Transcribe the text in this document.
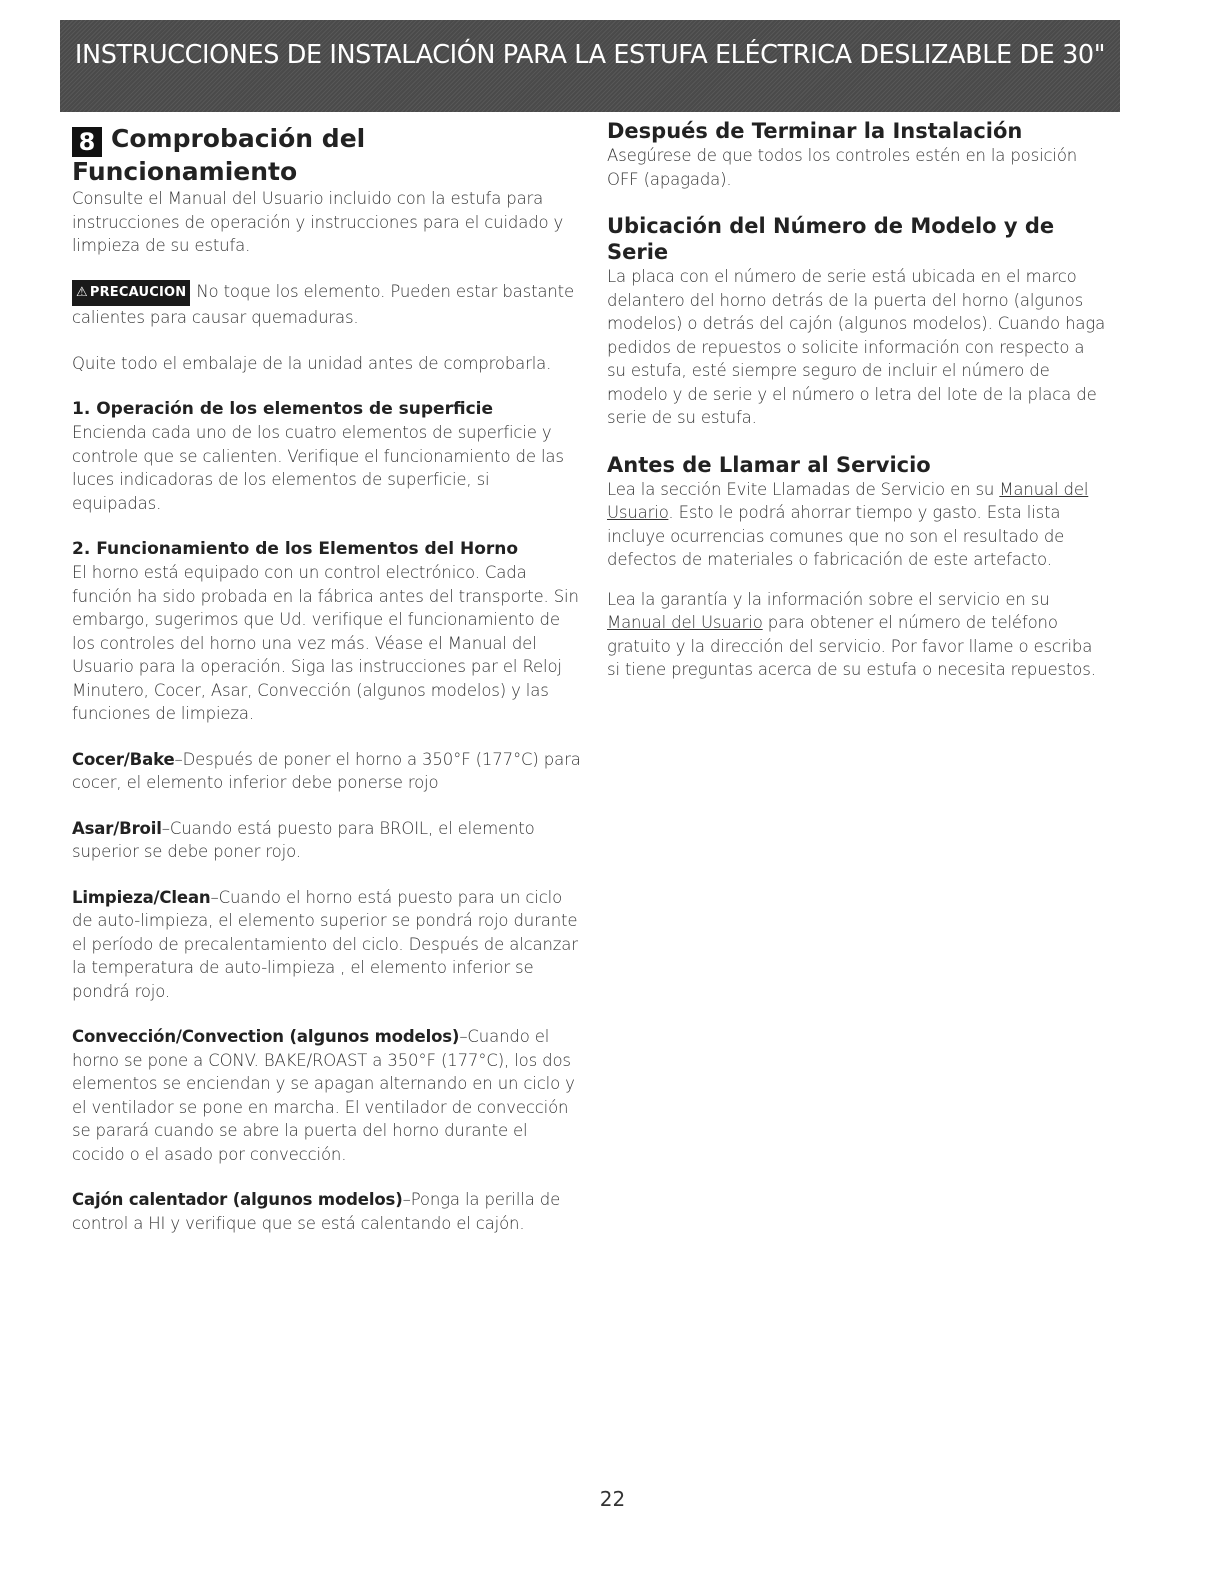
INSTRUCCIONES DE INSTALACIÓN PARA LA ESTUFA ELÉCTRICA DESLIZABLE DE 30"
8 Comprobación del
Funcionamiento

Consulte el Manual del Usuario incluido con la estufa para instrucciones de operación y instrucciones para el cuidado y limpieza de su estufa.

⚠ PRECAUCION No toque los elemento. Pueden estar bastante calientes para causar quemaduras.

Quite todo el embalaje de la unidad antes de comprobarla.

1. Operación de los elementos de superficie

Encienda cada uno de los cuatro elementos de superficie y controle que se calienten. Verifique el funcionamiento de las luces indicadoras de los elementos de superficie, si equipadas.

2. Funcionamiento de los Elementos del Horno

El horno está equipado con un control electrónico. Cada función ha sido probada en la fábrica antes del transporte. Sin embargo, sugerimos que Ud. verifique el funcionamiento de los controles del horno una vez más. Véase el Manual del Usuario para la operación. Siga las instrucciones par el Reloj Minutero, Cocer, Asar, Convección (algunos modelos) y las funciones de limpieza.

Cocer/Bake–Después de poner el horno a 350°F (177°C) para cocer, el elemento inferior debe ponerse rojo

Asar/Broil–Cuando está puesto para BROIL, el elemento superior se debe poner rojo.

Limpieza/Clean–Cuando el horno está puesto para un ciclo de auto-limpieza, el elemento superior se pondrá rojo durante el período de precalentamiento del ciclo. Después de alcanzar la temperatura de auto-limpieza , el elemento inferior se pondrá rojo.

Convección/Convection (algunos modelos)–Cuando el horno se pone a CONV. BAKE/ROAST a 350°F (177°C), los dos elementos se enciendan y se apagan alternando en un ciclo y el ventilador se pone en marcha. El ventilador de convección se parará cuando se abre la puerta del horno durante el cocido o el asado por convección.

Cajón calentador (algunos modelos)–Ponga la perilla de control a HI y verifique que se está calentando el cajón.

Después de Terminar la Instalación

Asegúrese de que todos los controles estén en la posición OFF (apagada).

Ubicación del Número de Modelo y de Serie

La placa con el número de serie está ubicada en el marco delantero del horno detrás de la puerta del horno (algunos modelos) o detrás del cajón (algunos modelos). Cuando haga pedidos de repuestos o solicite información con respecto a su estufa, esté siempre seguro de incluir el número de modelo y de serie y el número o letra del lote de la placa de serie de su estufa.

Antes de Llamar al Servicio

Lea la sección Evite Llamadas de Servicio en su Manual del Usuario. Esto le podrá ahorrar tiempo y gasto. Esta lista incluye ocurrencias comunes que no son el resultado de defectos de materiales o fabricación de este artefacto.

Lea la garantía y la información sobre el servicio en su Manual del Usuario para obtener el número de teléfono gratuito y la dirección del servicio. Por favor llame o escriba si tiene preguntas acerca de su estufa o necesita repuestos.

22
